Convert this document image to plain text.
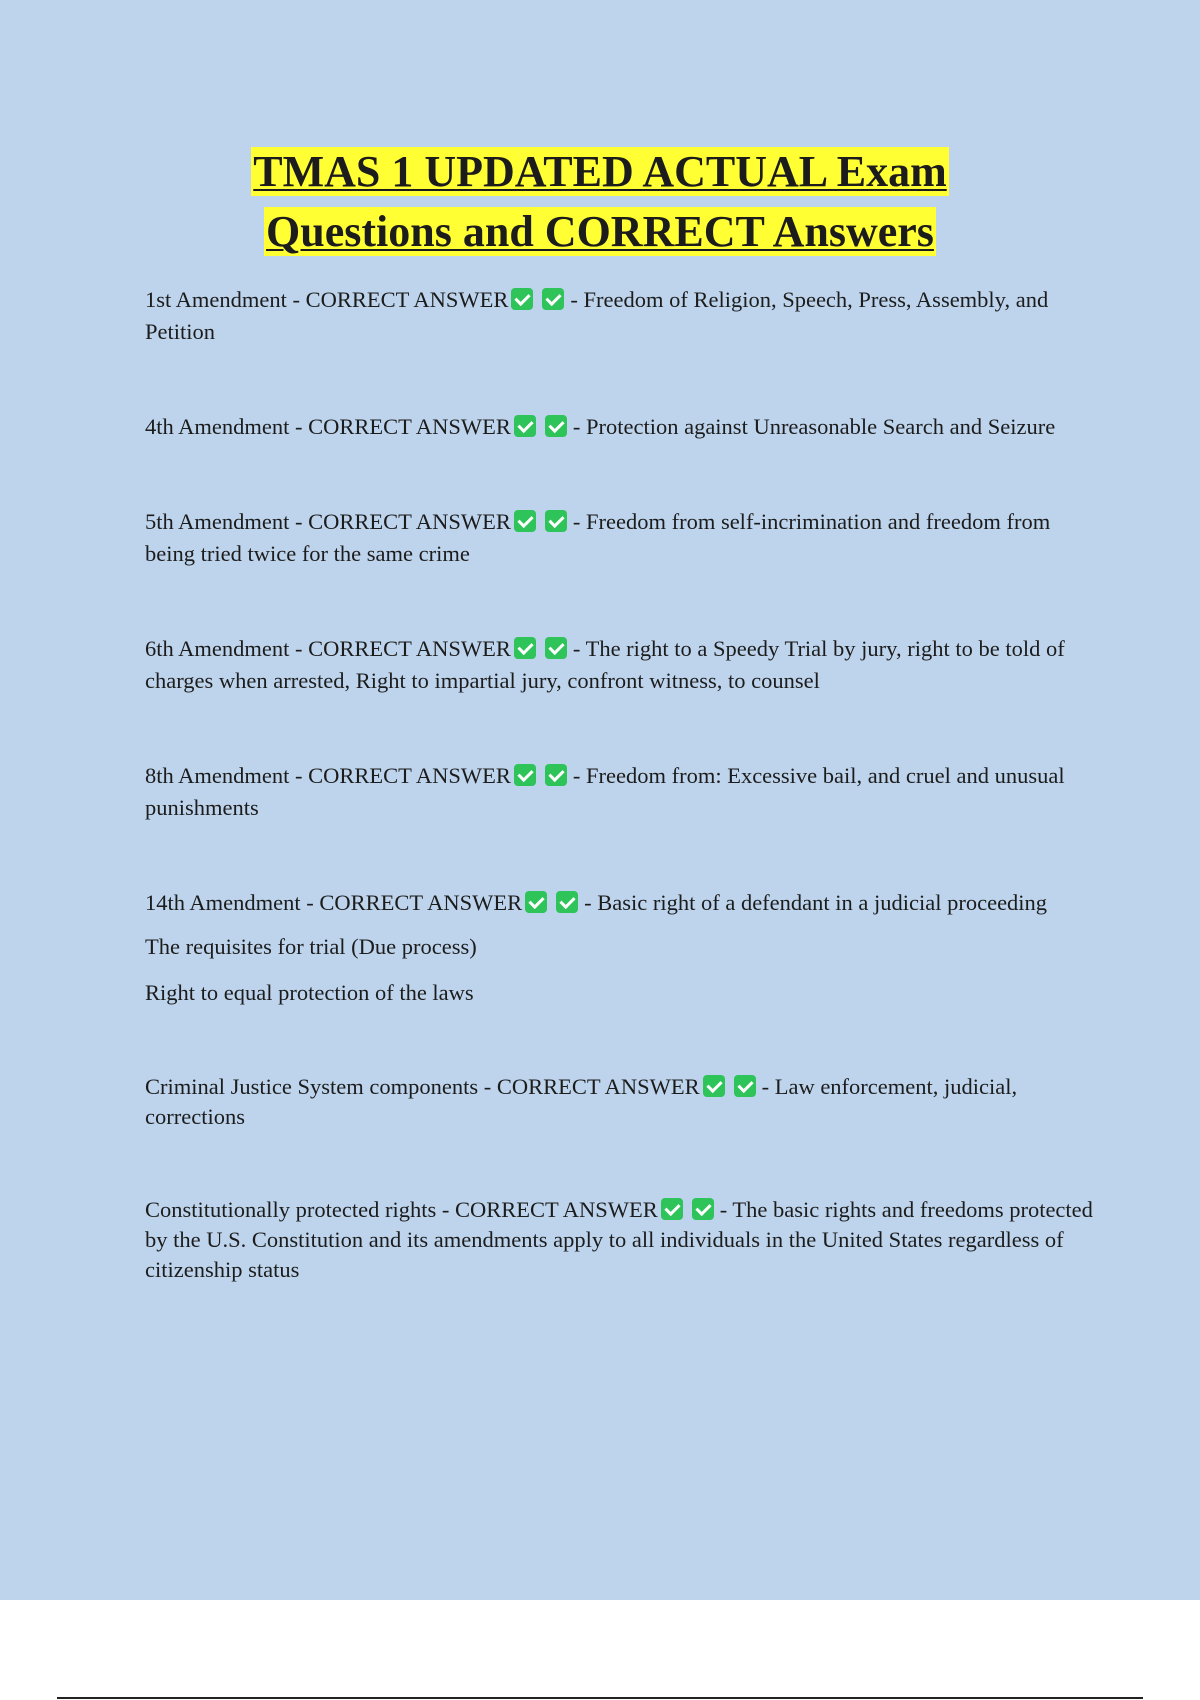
TMAS 1 UPDATED ACTUAL Exam
Questions and CORRECT Answers

1st Amendment - CORRECT ANSWER	- Freedom of Religion, Speech, Press, Assembly, and Petition

4th Amendment - CORRECT ANSWER	- Protection against Unreasonable Search and Seizure

5th Amendment - CORRECT ANSWER	- Freedom from self-incrimination and freedom from being tried twice for the same crime

6th Amendment - CORRECT ANSWER	- The right to a Speedy Trial by jury, right to be told of charges when arrested, Right to impartial jury, confront witness, to counsel

8th Amendment - CORRECT ANSWER	- Freedom from: Excessive bail, and cruel and unusual punishments

14th Amendment - CORRECT ANSWER	- Basic right of a defendant in a judicial proceeding

The requisites for trial (Due process)

Right to equal protection of the laws

Criminal Justice System components - CORRECT ANSWER	- Law enforcement, judicial, corrections

Constitutionally protected rights - CORRECT ANSWER	- The basic rights and freedoms protected by the U.S. Constitution and its amendments apply to all individuals in the United States regardless of citizenship status
